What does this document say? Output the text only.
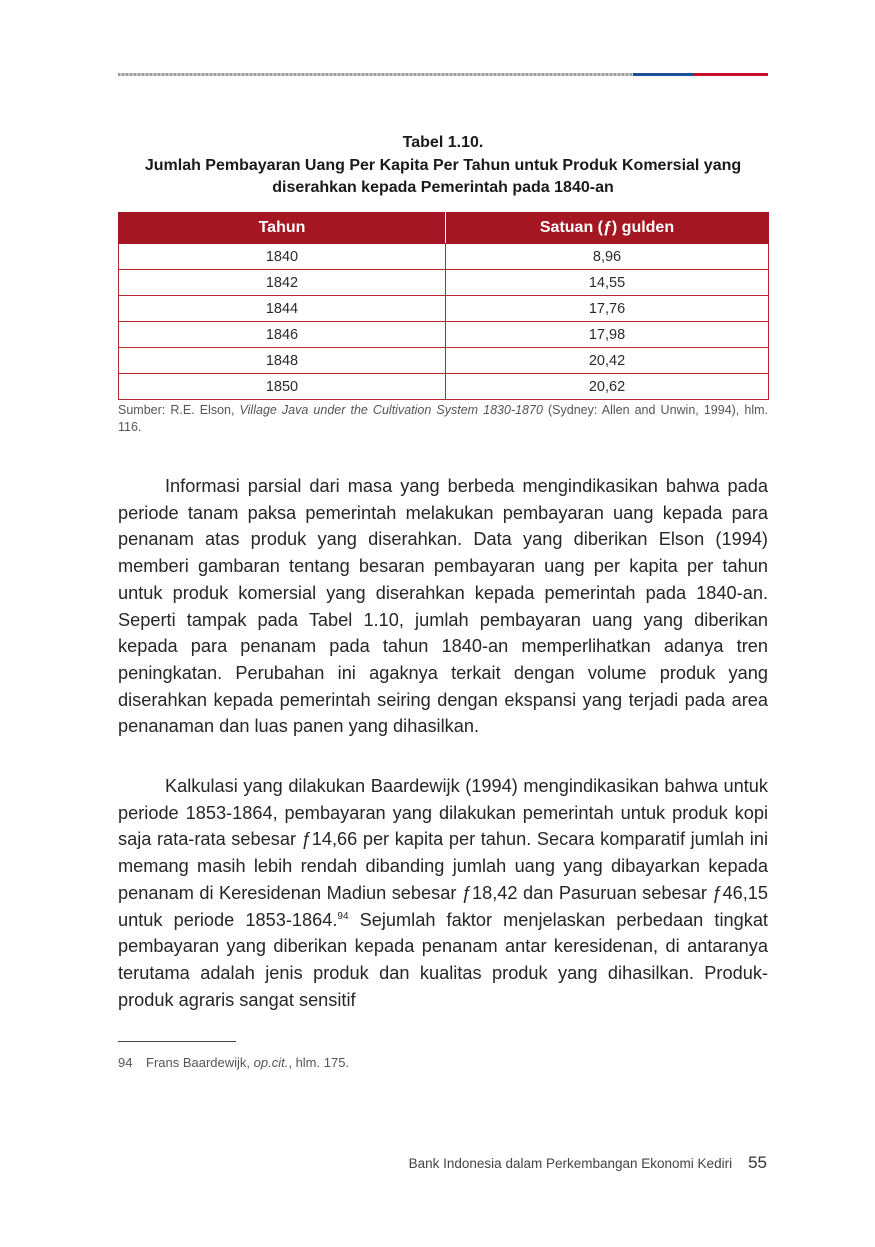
Tabel 1.10.
Jumlah Pembayaran Uang Per Kapita Per Tahun untuk Produk Komersial yang diserahkan kepada Pemerintah pada 1840-an
Tahun	Satuan (ƒ) gulden
1840	8,96
1842	14,55
1844	17,76
1846	17,98
1848	20,42
1850	20,62
Sumber: R.E. Elson, Village Java under the Cultivation System 1830-1870 (Sydney: Allen and Unwin, 1994), hlm. 116.

Informasi parsial dari masa yang berbeda mengindikasikan bahwa pada periode tanam paksa pemerintah melakukan pembayaran uang kepada para penanam atas produk yang diserahkan. Data yang diberikan Elson (1994) memberi gambaran tentang besaran pembayaran uang per kapita per tahun untuk produk komersial yang diserahkan kepada pemerintah pada 1840-an. Seperti tampak pada Tabel 1.10, jumlah pembayaran uang yang diberikan kepada para penanam pada tahun 1840-an memperlihatkan adanya tren peningkatan. Perubahan ini agaknya terkait dengan volume produk yang diserahkan kepada pemerintah seiring dengan ekspansi yang terjadi pada area penanaman dan luas panen yang dihasilkan.

Kalkulasi yang dilakukan Baardewijk (1994) mengindikasikan bahwa untuk periode 1853-1864, pembayaran yang dilakukan pemerintah untuk produk kopi saja rata-rata sebesar ƒ14,66 per kapita per tahun. Secara komparatif jumlah ini memang masih lebih rendah dibanding jumlah uang yang dibayarkan kepada penanam di Keresidenan Madiun sebesar ƒ18,42 dan Pasuruan sebesar ƒ46,15 untuk periode 1853-1864.94 Sejumlah faktor menjelaskan perbedaan tingkat pembayaran yang diberikan kepada penanam antar keresidenan, di antaranya terutama adalah jenis produk dan kualitas produk yang dihasilkan. Produk-produk agraris sangat sensitif

94 Frans Baardewijk, op.cit., hlm. 175.
Bank Indonesia dalam Perkembangan Ekonomi Kediri 55
